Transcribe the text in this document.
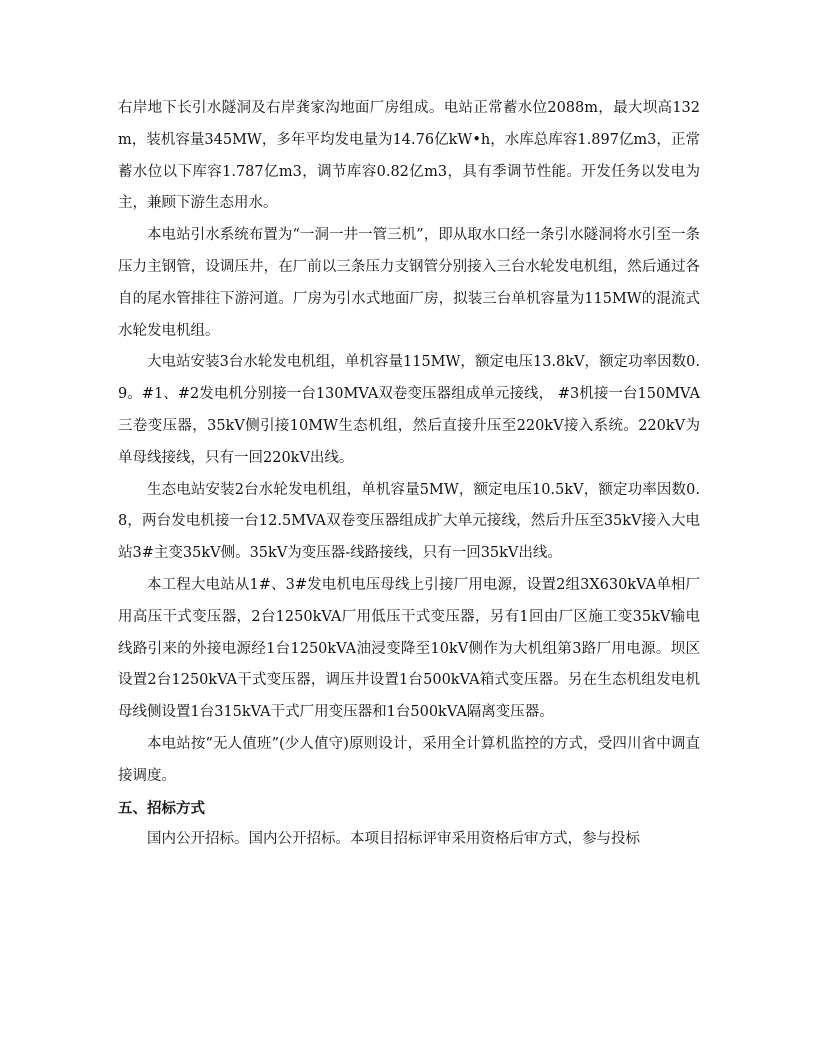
右岸地下长引水隧洞及右岸龚家沟地面厂房组成。电站正常蓄水位2088m，最大坝高132m，装机容量345MW，多年平均发电量为14.76亿kW•h，水库总库容1.897亿m3，正常蓄水位以下库容1.787亿m3，调节库容0.82亿m3，具有季调节性能。开发任务以发电为主，兼顾下游生态用水。

本电站引水系统布置为“一洞一井一管三机”，即从取水口经一条引水隧洞将水引至一条压力主钢管，设调压井，在厂前以三条压力支钢管分别接入三台水轮发电机组，然后通过各自的尾水管排往下游河道。厂房为引水式地面厂房，拟装三台单机容量为115MW的混流式水轮发电机组。

大电站安装3台水轮发电机组，单机容量115MW，额定电压13.8kV，额定功率因数0.9。#1、#2发电机分别接一台130MVA双卷变压器组成单元接线， #3机接一台150MVA三卷变压器，35kV侧引接10MW生态机组，然后直接升压至220kV接入系统。220kV为单母线接线，只有一回220kV出线。

生态电站安装2台水轮发电机组，单机容量5MW，额定电压10.5kV，额定功率因数0.8，两台发电机接一台12.5MVA双卷变压器组成扩大单元接线，然后升压至35kV接入大电站3#主变35kV侧。35kV为变压器-线路接线，只有一回35kV出线。

本工程大电站从1#、3#发电机电压母线上引接厂用电源，设置2组3X630kVA单相厂用高压干式变压器，2台1250kVA厂用低压干式变压器，另有1回由厂区施工变35kV输电线路引来的外接电源经1台1250kVA油浸变降至10kV侧作为大机组第3路厂用电源。坝区设置2台1250kVA干式变压器，调压井设置1台500kVA箱式变压器。另在生态机组发电机母线侧设置1台315kVA干式厂用变压器和1台500kVA隔离变压器。

本电站按“无人值班”(少人值守)原则设计，采用全计算机监控的方式，受四川省中调直接调度。

五、招标方式

国内公开招标。国内公开招标。本项目招标评审采用资格后审方式，参与投标
